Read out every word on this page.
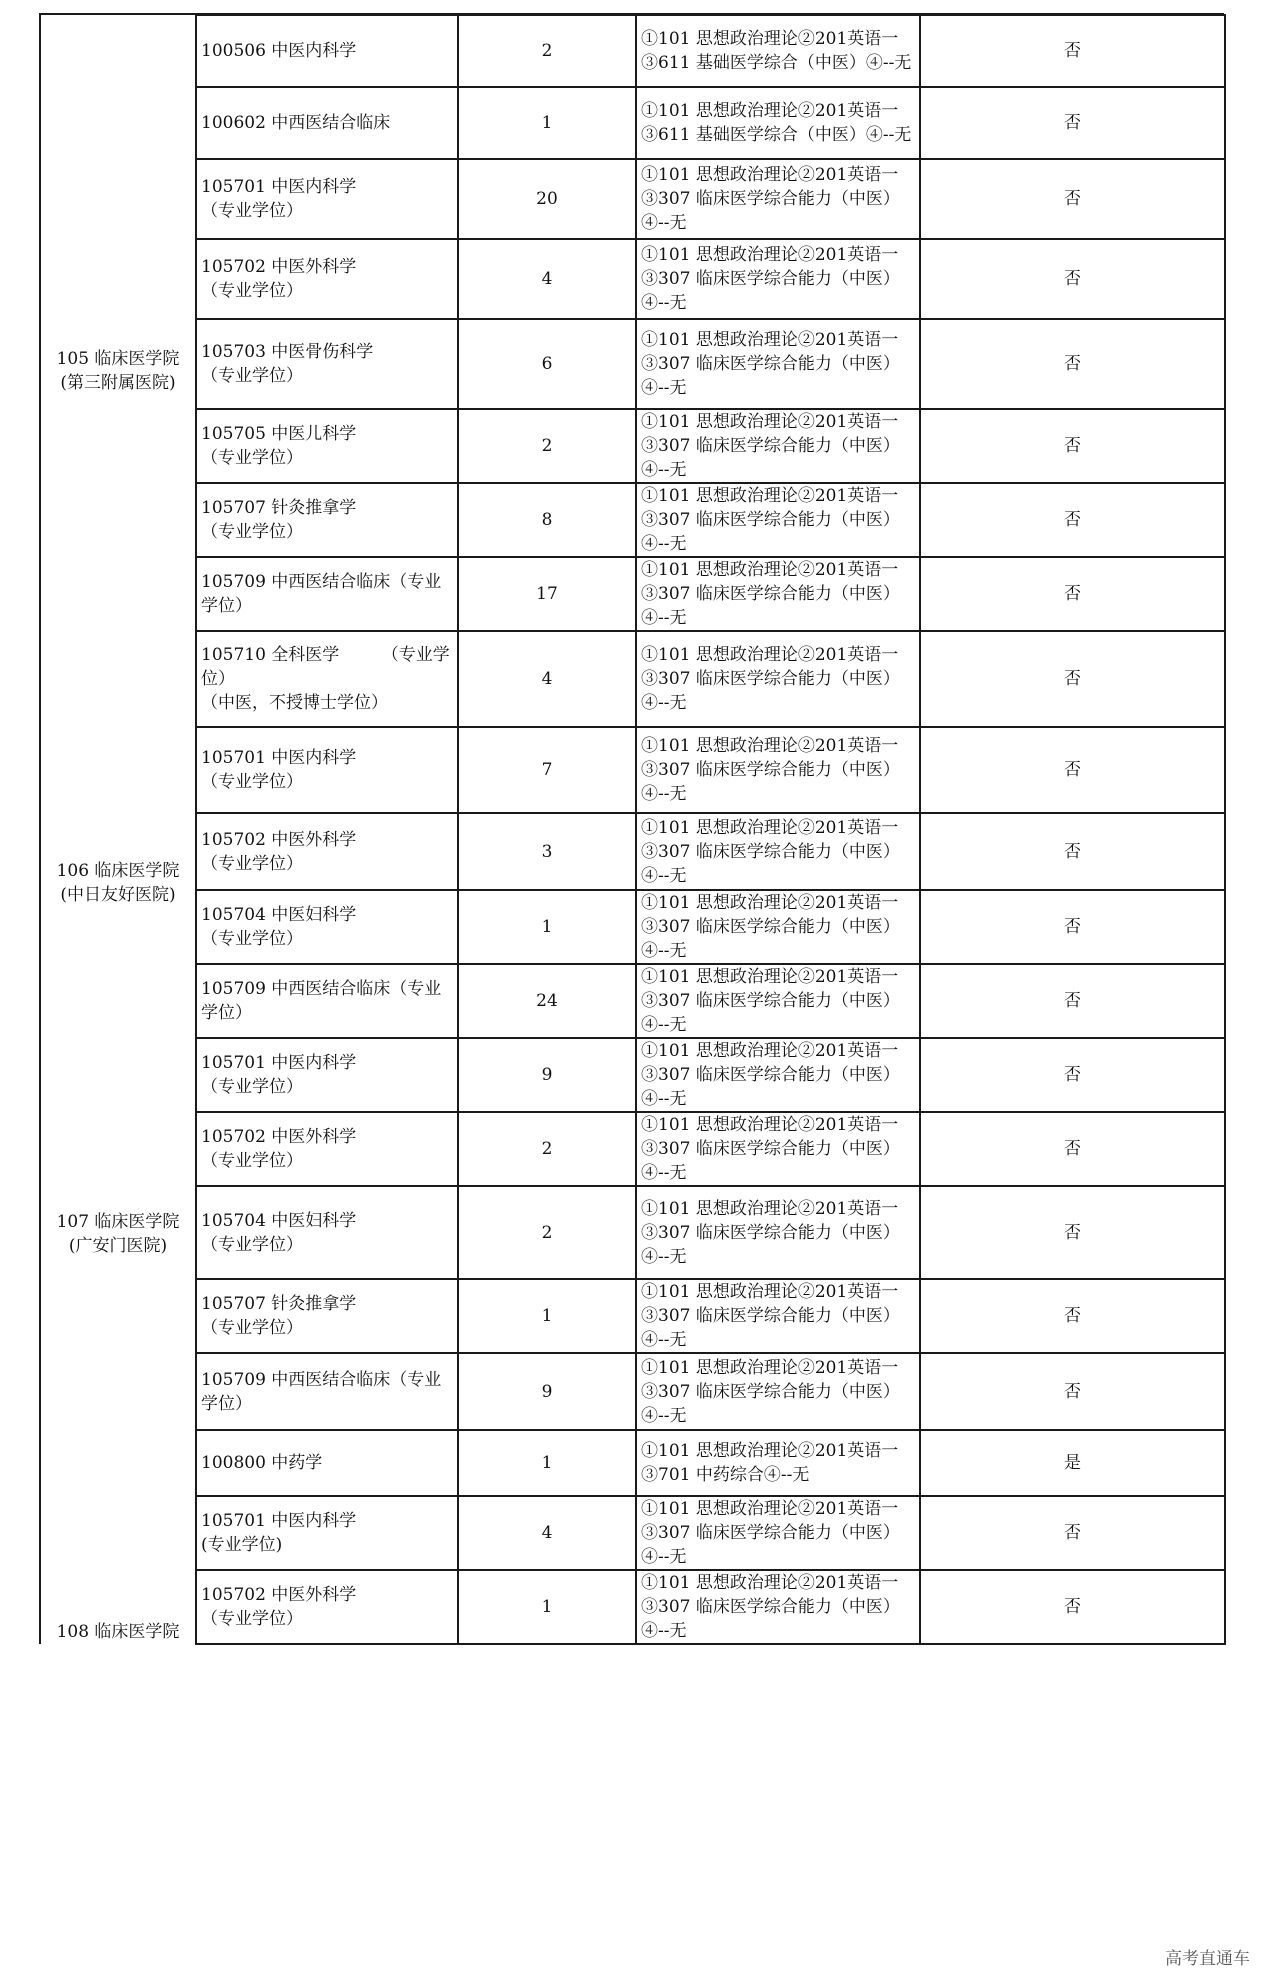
105 临床医学院
(第三附属医院)	100506 中医内科学	2	①101 思想政治理论②201英语一③611 基础医学综合（中医）④--无	否
	100602 中西医结合临床	1	①101 思想政治理论②201英语一③611 基础医学综合（中医）④--无	否
	105701 中医内科学
（专业学位）	20	①101 思想政治理论②201英语一③307 临床医学综合能力（中医）④--无	否
	105702 中医外科学
（专业学位）	4	①101 思想政治理论②201英语一③307 临床医学综合能力（中医）④--无	否
	105703 中医骨伤科学
（专业学位）	6	①101 思想政治理论②201英语一③307 临床医学综合能力（中医）④--无	否
	105705 中医儿科学
（专业学位）	2	①101 思想政治理论②201英语一③307 临床医学综合能力（中医）④--无	否
	105707 针灸推拿学
（专业学位）	8	①101 思想政治理论②201英语一③307 临床医学综合能力（中医）④--无	否
	105709 中西医结合临床（专业学位）	17	①101 思想政治理论②201英语一③307 临床医学综合能力（中医）④--无	否
	105710 全科医学　　　（专业学位）
（中医，不授博士学位）	4	①101 思想政治理论②201英语一③307 临床医学综合能力（中医）④--无	否

106 临床医学院
(中日友好医院)	105701 中医内科学
（专业学位）	7	①101 思想政治理论②201英语一③307 临床医学综合能力（中医）④--无	否
	105702 中医外科学
（专业学位）	3	①101 思想政治理论②201英语一③307 临床医学综合能力（中医）④--无	否
	105704 中医妇科学
（专业学位）	1	①101 思想政治理论②201英语一③307 临床医学综合能力（中医）④--无	否
	105709 中西医结合临床（专业学位）	24	①101 思想政治理论②201英语一③307 临床医学综合能力（中医）④--无	否

107 临床医学院
(广安门医院)	105701 中医内科学
（专业学位）	9	①101 思想政治理论②201英语一③307 临床医学综合能力（中医）④--无	否
	105702 中医外科学
（专业学位）	2	①101 思想政治理论②201英语一③307 临床医学综合能力（中医）④--无	否
	105704 中医妇科学
（专业学位）	2	①101 思想政治理论②201英语一③307 临床医学综合能力（中医）④--无	否
	105707 针灸推拿学
（专业学位）	1	①101 思想政治理论②201英语一③307 临床医学综合能力（中医）④--无	否
	105709 中西医结合临床（专业学位）	9	①101 思想政治理论②201英语一③307 临床医学综合能力（中医）④--无	否

108 临床医学院	100800 中药学	1	①101 思想政治理论②201英语一③701 中药综合④--无	是
	105701 中医内科学
(专业学位)	4	①101 思想政治理论②201英语一③307 临床医学综合能力（中医）④--无	否
	105702 中医外科学
（专业学位）	1	①101 思想政治理论②201英语一③307 临床医学综合能力（中医）④--无	否
高考直通车
